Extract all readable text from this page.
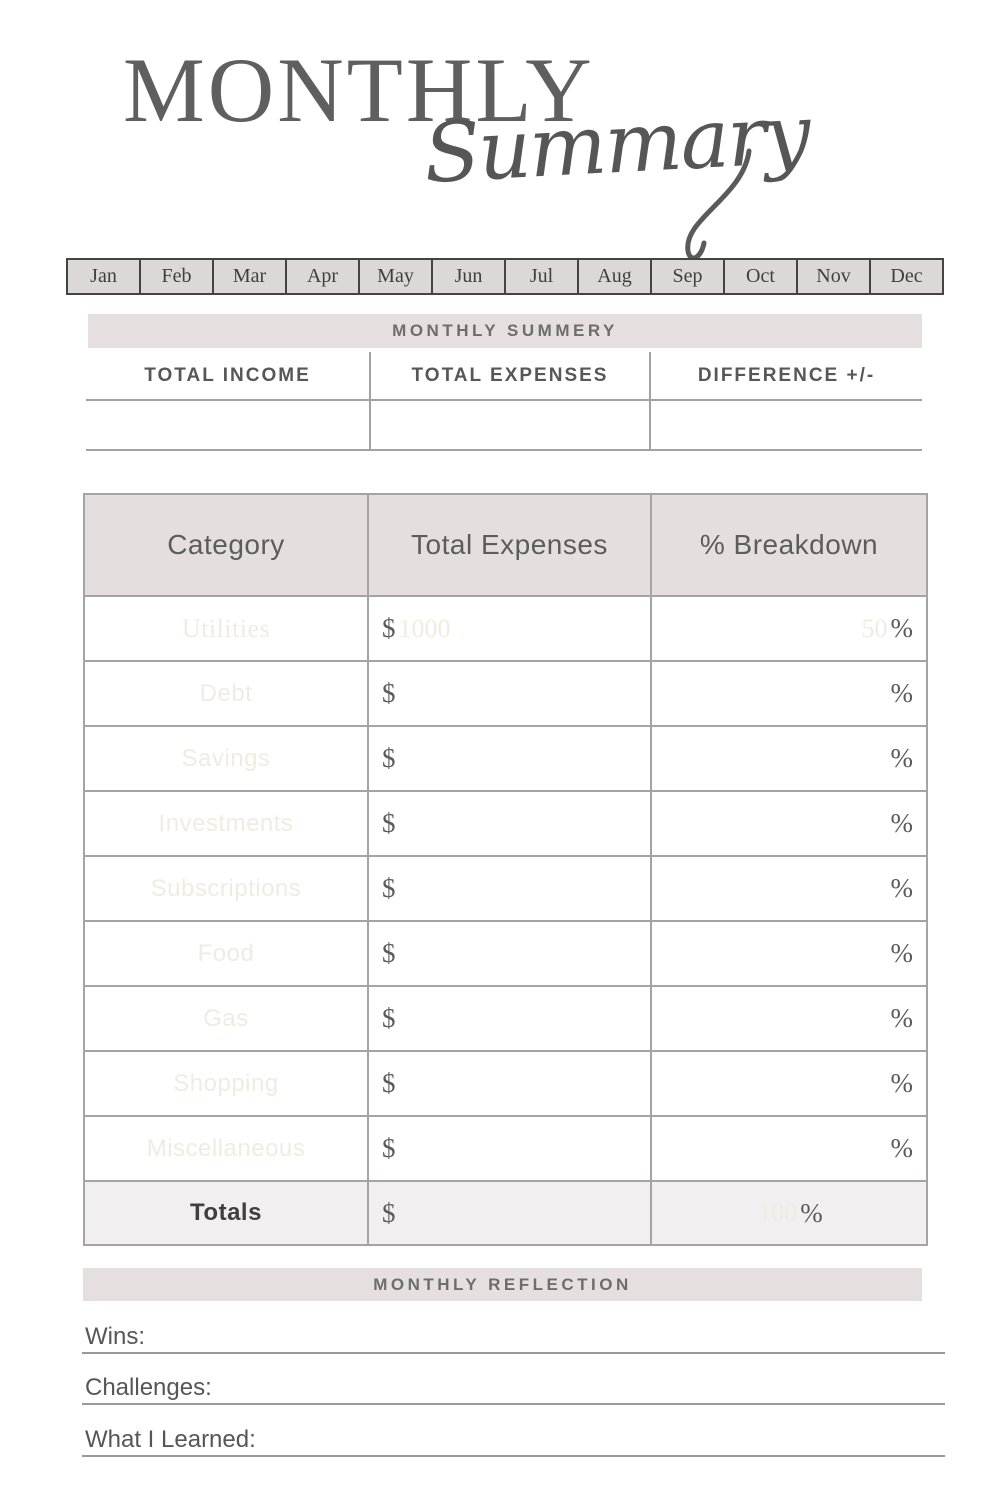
MONTHLY
Summary
Jan	Feb	Mar	Apr	May	Jun	Jul	Aug	Sep	Oct	Nov	Dec
MONTHLY SUMMERY
TOTAL INCOME	TOTAL EXPENSES	DIFFERENCE +/-
Category	Total Expenses	% Breakdown
Utilities	$ 1000	50 %
Debt	$	%
Savings	$	%
Investments	$	%
Subscriptions	$	%
Food	$	%
Gas	$	%
Shopping	$	%
Miscellaneous	$	%
Totals	$	100 %
MONTHLY REFLECTION
Wins:
Challenges:
What I Learned:
